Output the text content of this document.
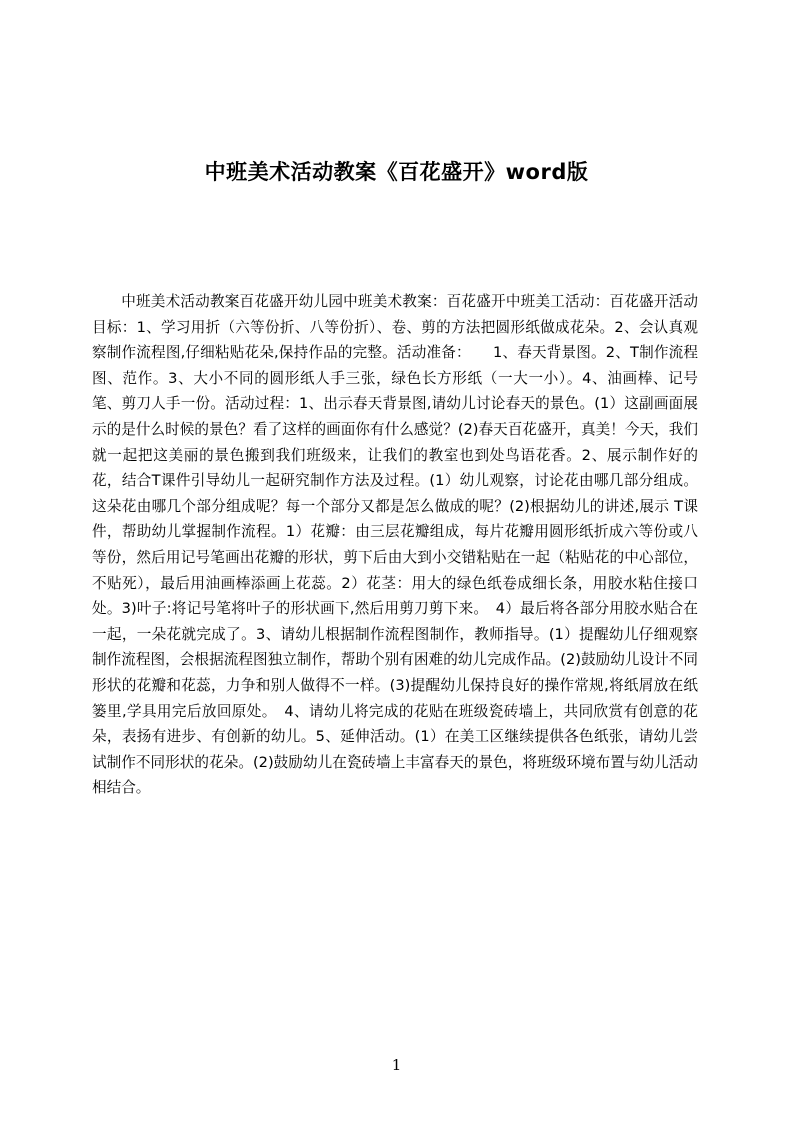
中班美术活动教案《百花盛开》word版

中班美术活动教案百花盛开幼儿园中班美术教案：百花盛开中班美工活动：百花盛开活动目标：1、学习用折（六等份折、八等份折）、卷、剪的方法把圆形纸做成花朵。2、会认真观察制作流程图,仔细粘贴花朵,保持作品的完整。活动准备：　　1、春天背景图。2、T制作流程图、范作。3、大小不同的圆形纸人手三张，绿色长方形纸（一大一小）。4、油画棒、记号笔、剪刀人手一份。活动过程：1、出示春天背景图,请幼儿讨论春天的景色。(1）这副画面展示的是什么时候的景色？看了这样的画面你有什么感觉？(2)春天百花盛开，真美！今天，我们就一起把这美丽的景色搬到我们班级来，让我们的教室也到处鸟语花香。2、展示制作好的花，结合T课件引导幼儿一起研究制作方法及过程。(1）幼儿观察，讨论花由哪几部分组成。这朵花由哪几个部分组成呢？每一个部分又都是怎么做成的呢？(2)根据幼儿的讲述,展示 T课件，帮助幼儿掌握制作流程。1）花瓣：由三层花瓣组成，每片花瓣用圆形纸折成六等份或八等份，然后用记号笔画出花瓣的形状，剪下后由大到小交错粘贴在一起（粘贴花的中心部位，不贴死），最后用油画棒添画上花蕊。2）花茎：用大的绿色纸卷成细长条，用胶水粘住接口处。3)叶子:将记号笔将叶子的形状画下,然后用剪刀剪下来。　4）最后将各部分用胶水贴合在一起，一朵花就完成了。3、请幼儿根据制作流程图制作，教师指导。(1）提醒幼儿仔细观察制作流程图，会根据流程图独立制作，帮助个别有困难的幼儿完成作品。(2)鼓励幼儿设计不同形状的花瓣和花蕊，力争和别人做得不一样。(3)提醒幼儿保持良好的操作常规,将纸屑放在纸篓里,学具用完后放回原处。　4、请幼儿将完成的花贴在班级瓷砖墙上，共同欣赏有创意的花朵，表扬有进步、有创新的幼儿。5、延伸活动。(1）在美工区继续提供各色纸张，请幼儿尝试制作不同形状的花朵。(2)鼓励幼儿在瓷砖墙上丰富春天的景色，将班级环境布置与幼儿活动相结合。

1
